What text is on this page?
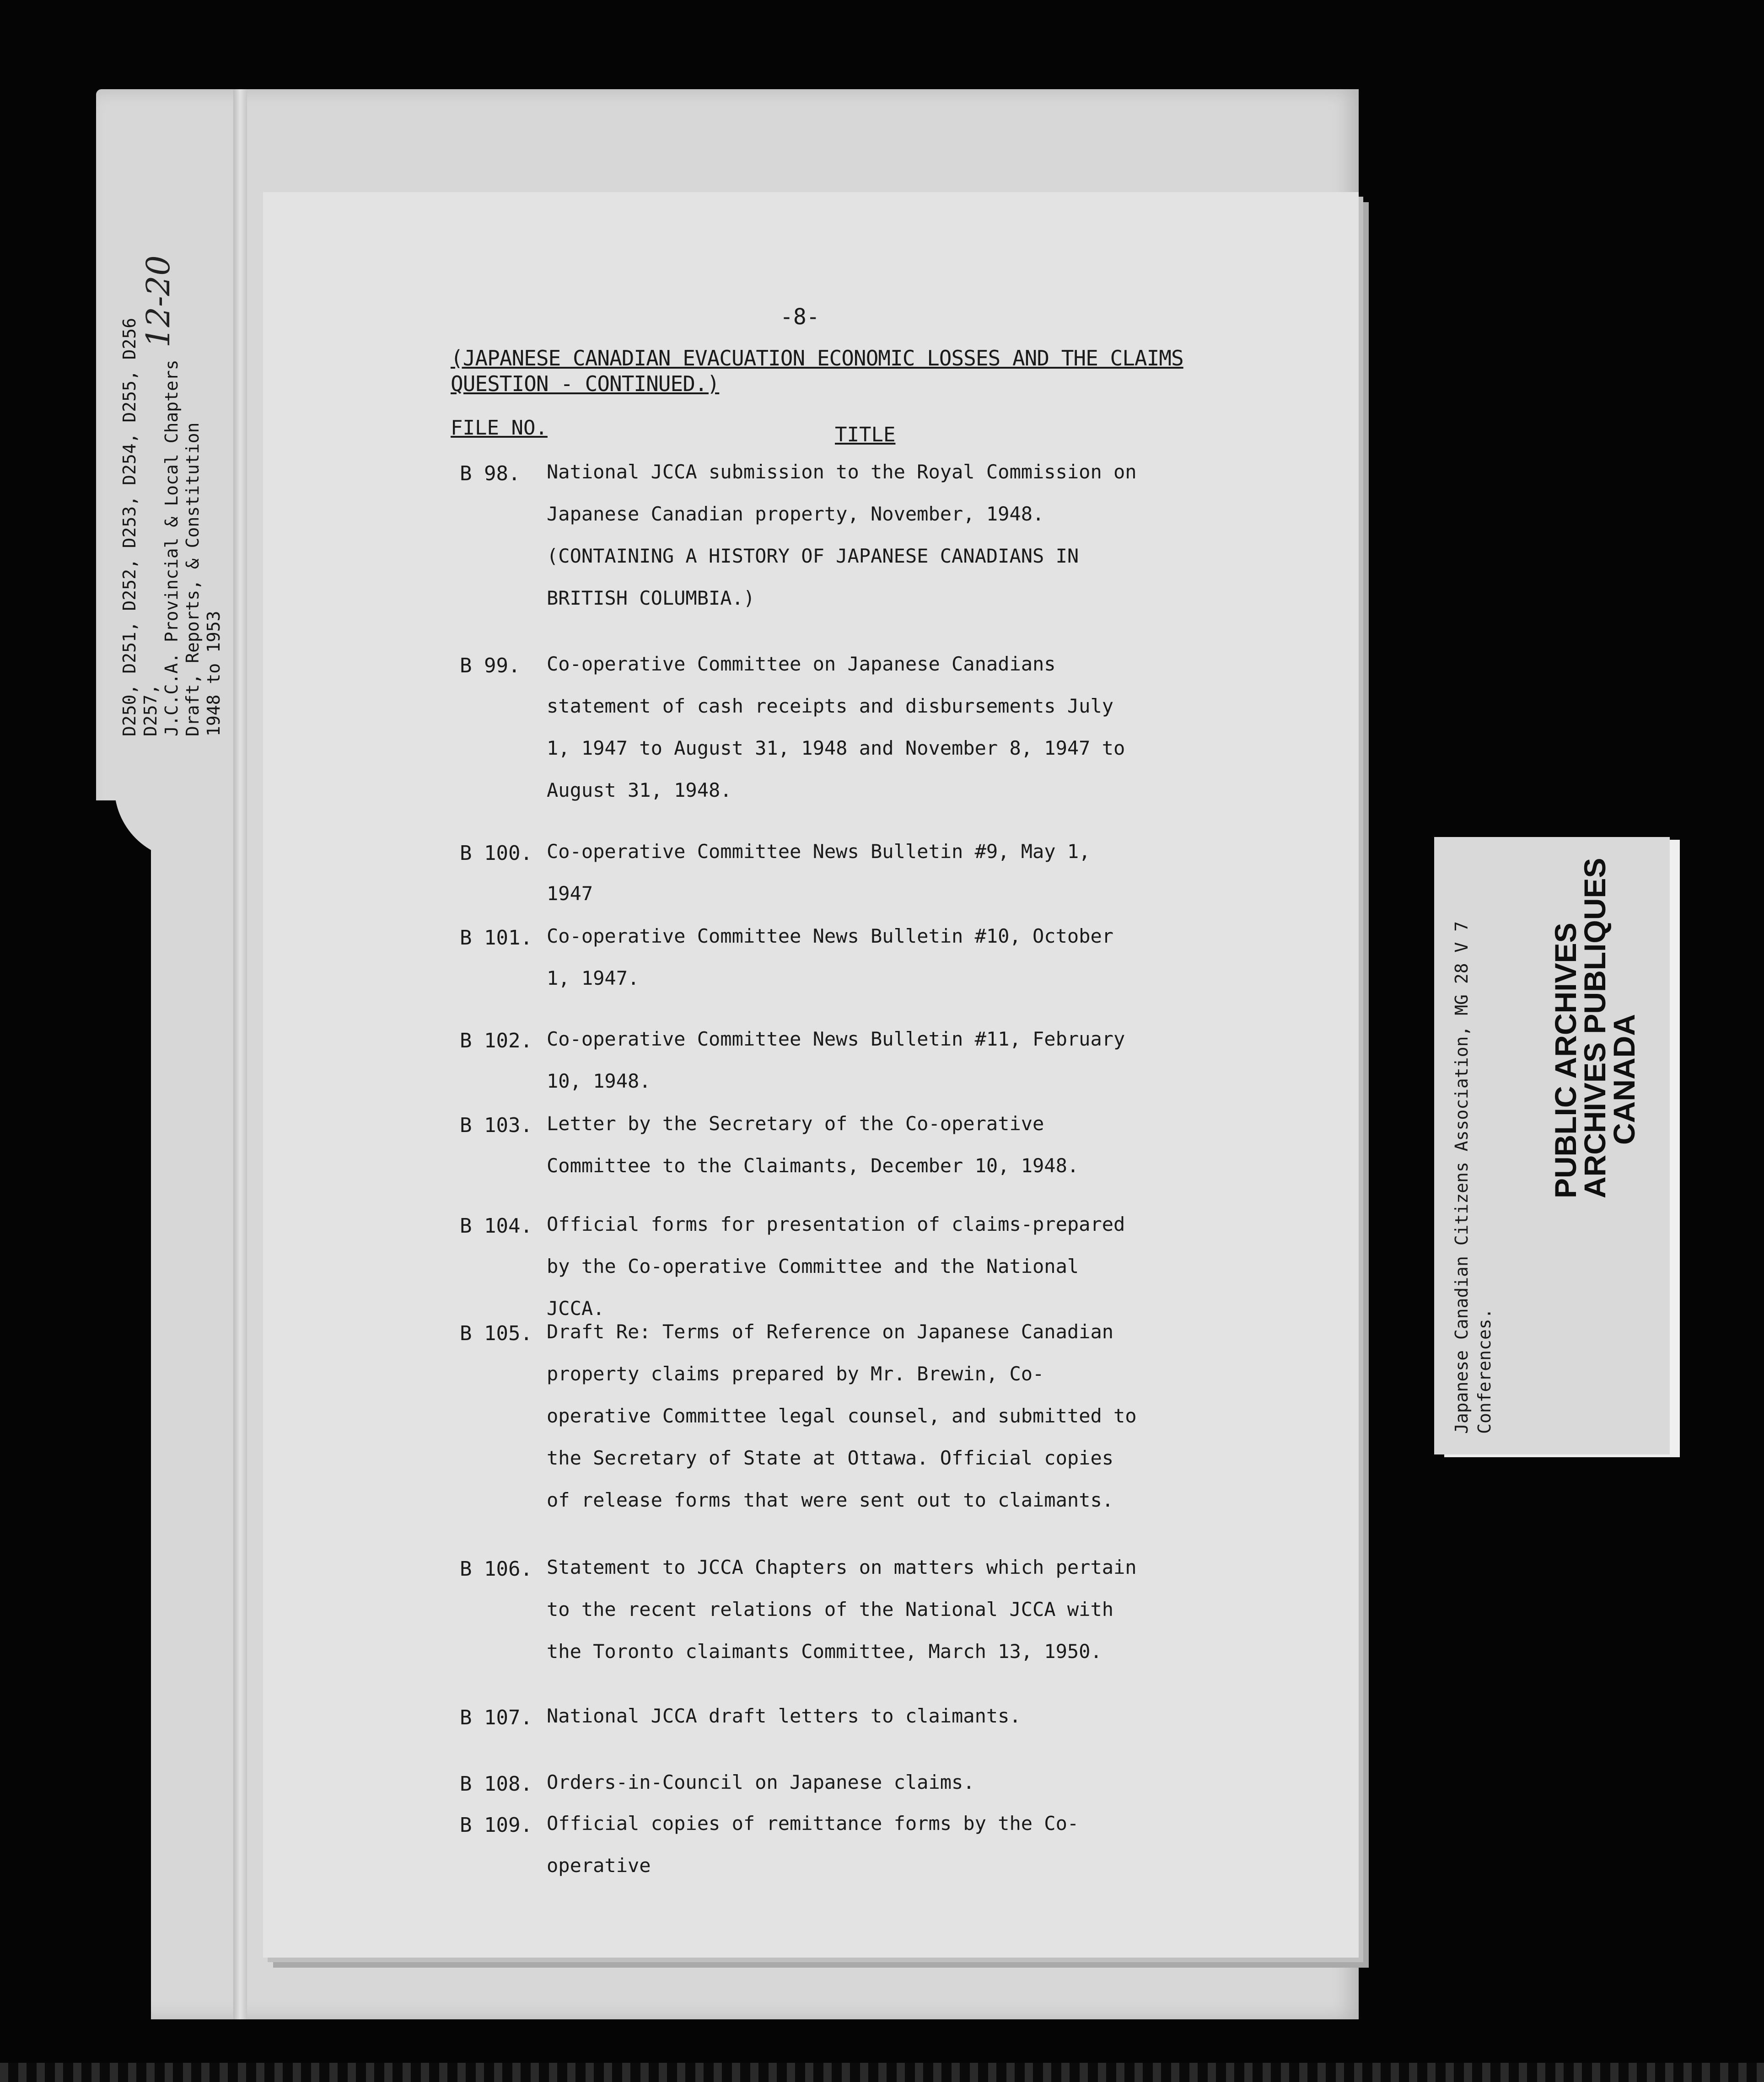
12-20
D250, D251, D252, D253, D254, D255, D256 D257, J.C.C.A. Provincial & Local Chapters Draft, Reports, & Constitution 1948 to 1953
-8-
(JAPANESE CANADIAN EVACUATION ECONOMIC LOSSES AND THE CLAIMS
QUESTION - CONTINUED.)
FILE NO.	TITLE
B 98. National JCCA submission to the Royal Commission on Japanese Canadian property, November, 1948. (CONTAINING A HISTORY OF JAPANESE CANADIANS IN BRITISH COLUMBIA.)
B 99. Co-operative Committee on Japanese Canadians statement of cash receipts and disbursements July 1, 1947 to August 31, 1948 and November 8, 1947 to August 31, 1948.
B 100. Co-operative Committee News Bulletin #9, May 1, 1947
B 101. Co-operative Committee News Bulletin #10, October 1, 1947.
B 102. Co-operative Committee News Bulletin #11, February 10, 1948.
B 103. Letter by the Secretary of the Co-operative Committee to the Claimants, December 10, 1948.
B 104. Official forms for presentation of claims-prepared by the Co-operative Committee and the National JCCA.
B 105. Draft Re: Terms of Reference on Japanese Canadian property claims prepared by Mr. Brewin, Co-operative Committee legal counsel, and submitted to the Secretary of State at Ottawa. Official copies of release forms that were sent out to claimants.
B 106. Statement to JCCA Chapters on matters which pertain to the recent relations of the National JCCA with the Toronto claimants Committee, March 13, 1950.
B 107. National JCCA draft letters to claimants.
B 108. Orders-in-Council on Japanese claims.
B 109. Official copies of remittance forms by the Co-operative
Japanese Canadian Citizens Association, MG 28 V 7 Conferences.
PUBLIC ARCHIVES
ARCHIVES PUBLIQUES
CANADA
